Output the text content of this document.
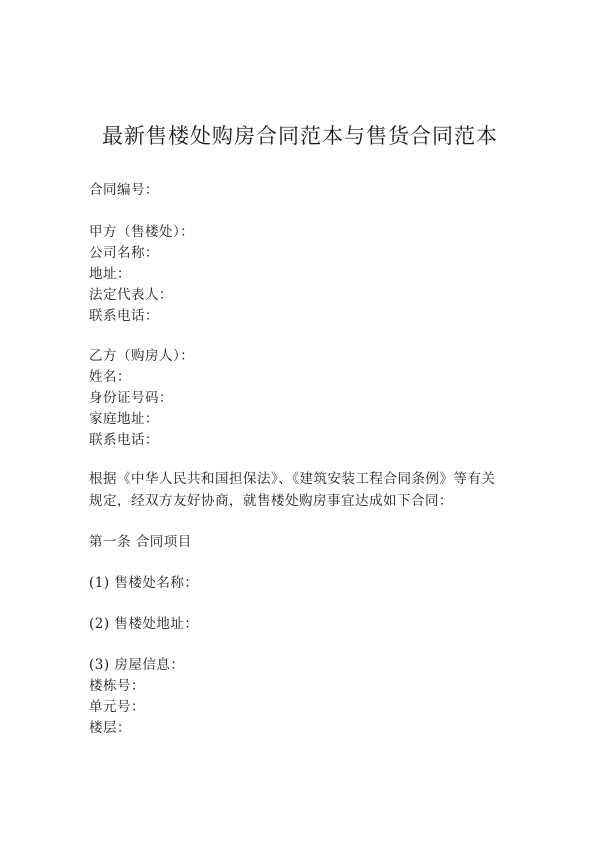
最新售楼处购房合同范本与售货合同范本
合同编号：
甲方（售楼处）：
公司名称：
地址：
法定代表人：
联系电话：
乙方（购房人）：
姓名：
身份证号码：
家庭地址：
联系电话：
根据《中华人民共和国担保法》、《建筑安装工程合同条例》等有关
规定，经双方友好协商，就售楼处购房事宜达成如下合同：
第一条 合同项目
(1) 售楼处名称：
(2) 售楼处地址：
(3) 房屋信息：
楼栋号：
单元号：
楼层：
